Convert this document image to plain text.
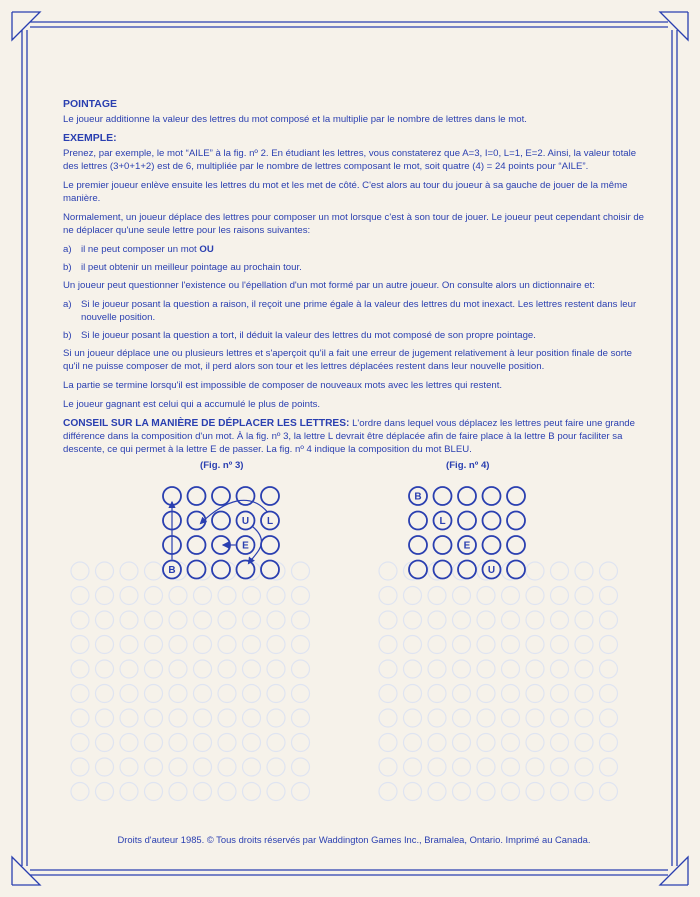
POINTAGE

Le joueur additionne la valeur des lettres du mot composé et la multiplie par le nombre de lettres dans le mot.

EXEMPLE:

Prenez, par exemple, le mot “AILE” à la fig. nº 2. En étudiant les lettres, vous constaterez que A=3, I=0, L=1, E=2. Ainsi, la valeur totale des lettres (3+0+1+2) est de 6, multipliée par le nombre de lettres composant le mot, soit quatre (4) = 24 points pour “AILE”.

Le premier joueur enlève ensuite les lettres du mot et les met de côté. C'est alors au tour du joueur à sa gauche de jouer de la même manière.

Normalement, un joueur déplace des lettres pour composer un mot lorsque c'est à son tour de jouer. Le joueur peut cependant choisir de ne déplacer qu'une seule lettre pour les raisons suivantes:

a) il ne peut composer un mot OU
b) il peut obtenir un meilleur pointage au prochain tour.

Un joueur peut questionner l'existence ou l'épellation d'un mot formé par un autre joueur. On consulte alors un dictionnaire et:

a) Si le joueur posant la question a raison, il reçoit une prime égale à la valeur des lettres du mot inexact. Les lettres restent dans leur nouvelle position.
b) Si le joueur posant la question a tort, il déduit la valeur des lettres du mot composé de son propre pointage.

Si un joueur déplace une ou plusieurs lettres et s'aperçoit qu'il a fait une erreur de jugement relativement à leur position finale de sorte qu'il ne puisse composer de mot, il perd alors son tour et les lettres déplacées restent dans leur nouvelle position.

La partie se termine lorsqu'il est impossible de composer de nouveaux mots avec les lettres qui restent.

Le joueur gagnant est celui qui a accumulé le plus de points.

CONSEIL SUR LA MANIÈRE DE DÉPLACER LES LETTRES: L'ordre dans lequel vous déplacez les lettres peut faire une grande différence dans la composition d'un mot. À la fig. nº 3, la lettre L devrait être déplacée afin de faire place à la lettre B pour faciliter sa descente, ce qui permet à la lettre E de passer. La fig. nº 4 indique la composition du mot BLEU.

(Fig. nº 3)	(Fig. nº 4)
U L
E
B
B
L
E
U
Droits d'auteur 1985. © Tous droits réservés par Waddington Games Inc., Bramalea, Ontario. Imprimé au Canada.
